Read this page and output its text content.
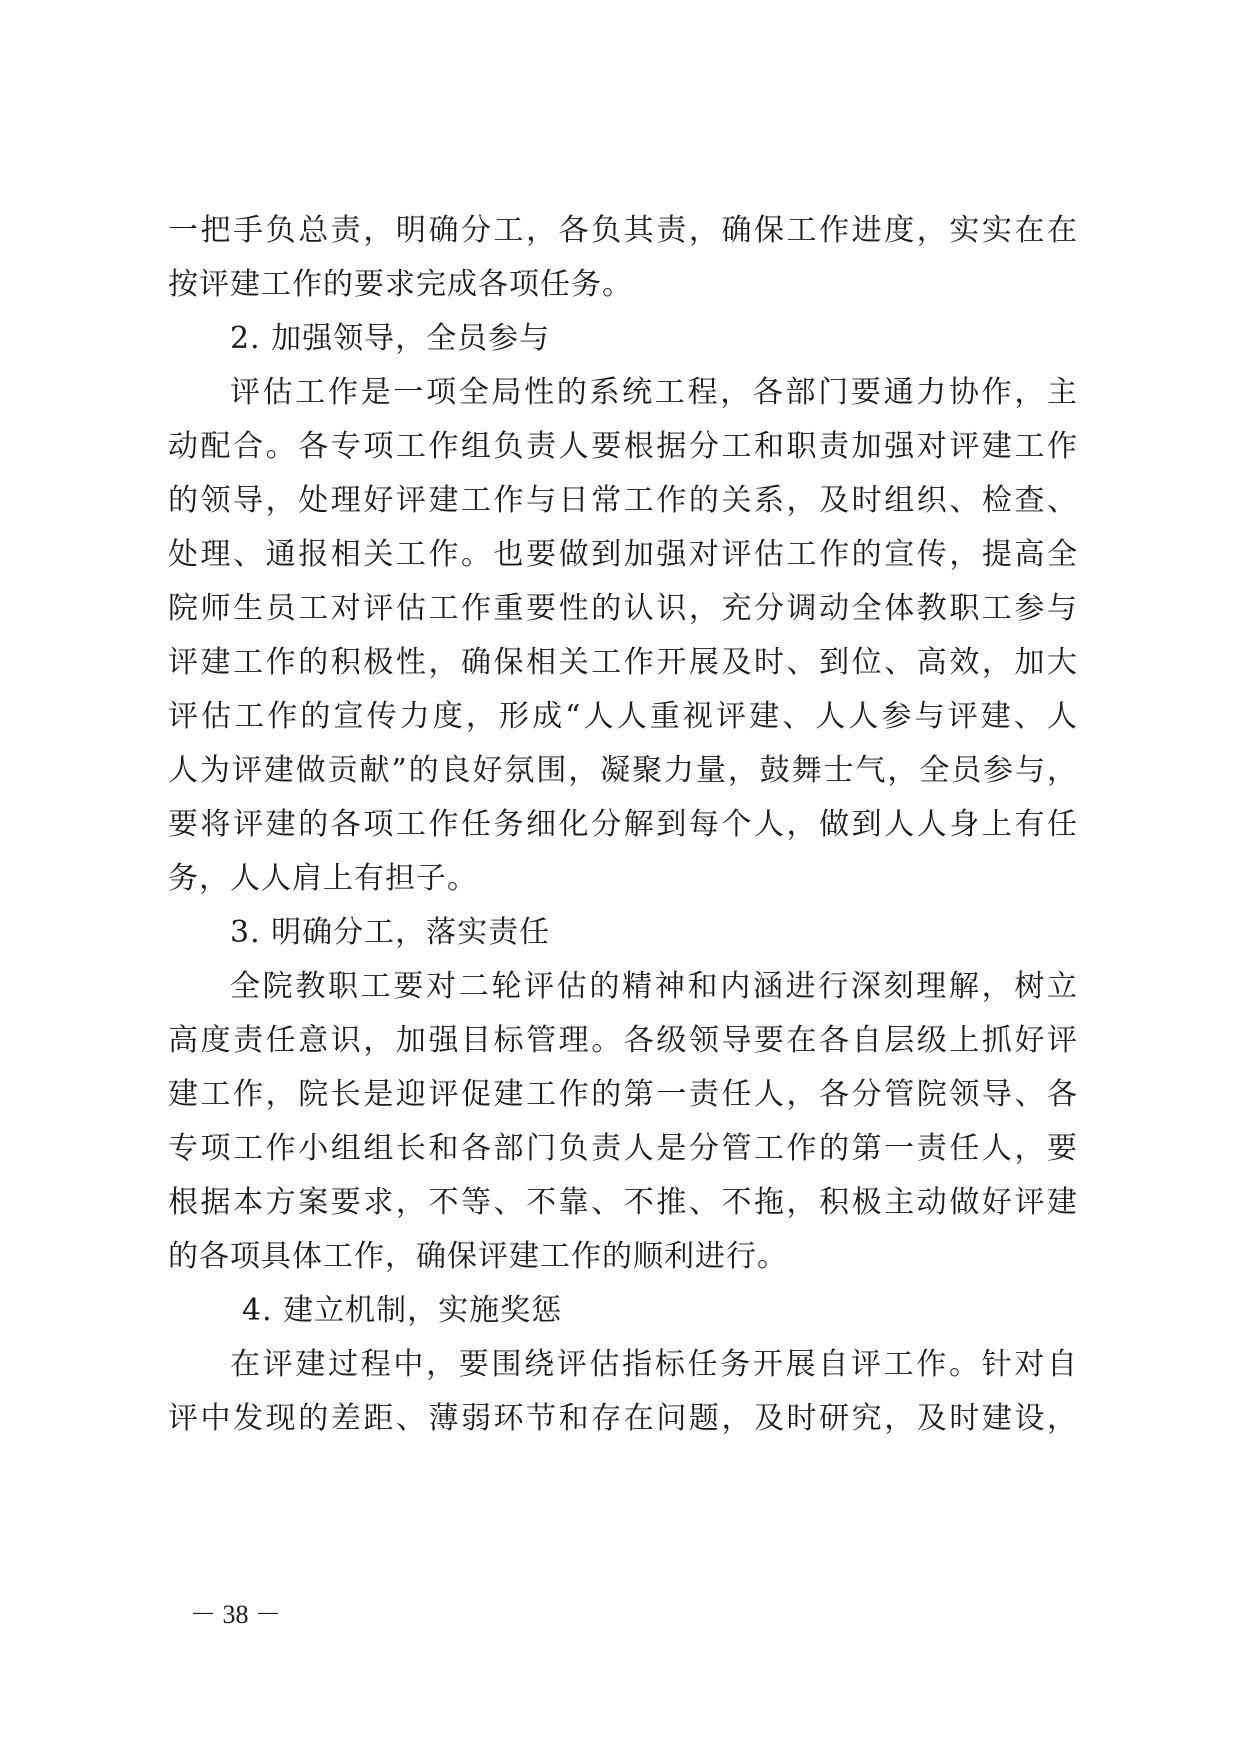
一把手负总责，明确分工，各负其责，确保工作进度，实实在在
按评建工作的要求完成各项任务。
2. 加强领导，全员参与
评估工作是一项全局性的系统工程，各部门要通力协作，主
动配合。各专项工作组负责人要根据分工和职责加强对评建工作
的领导，处理好评建工作与日常工作的关系，及时组织、检查、
处理、通报相关工作。也要做到加强对评估工作的宣传，提高全
院师生员工对评估工作重要性的认识，充分调动全体教职工参与
评建工作的积极性，确保相关工作开展及时、到位、高效，加大
评估工作的宣传力度，形成“人人重视评建、人人参与评建、人
人为评建做贡献”的良好氛围，凝聚力量，鼓舞士气，全员参与，
要将评建的各项工作任务细化分解到每个人，做到人人身上有任
务，人人肩上有担子。
3. 明确分工，落实责任
全院教职工要对二轮评估的精神和内涵进行深刻理解，树立
高度责任意识，加强目标管理。各级领导要在各自层级上抓好评
建工作，院长是迎评促建工作的第一责任人，各分管院领导、各
专项工作小组组长和各部门负责人是分管工作的第一责任人，要
根据本方案要求，不等、不靠、不推、不拖，积极主动做好评建
的各项具体工作，确保评建工作的顺利进行。
4. 建立机制，实施奖惩
在评建过程中，要围绕评估指标任务开展自评工作。针对自
评中发现的差距、薄弱环节和存在问题，及时研究，及时建设，
－ 38 －
